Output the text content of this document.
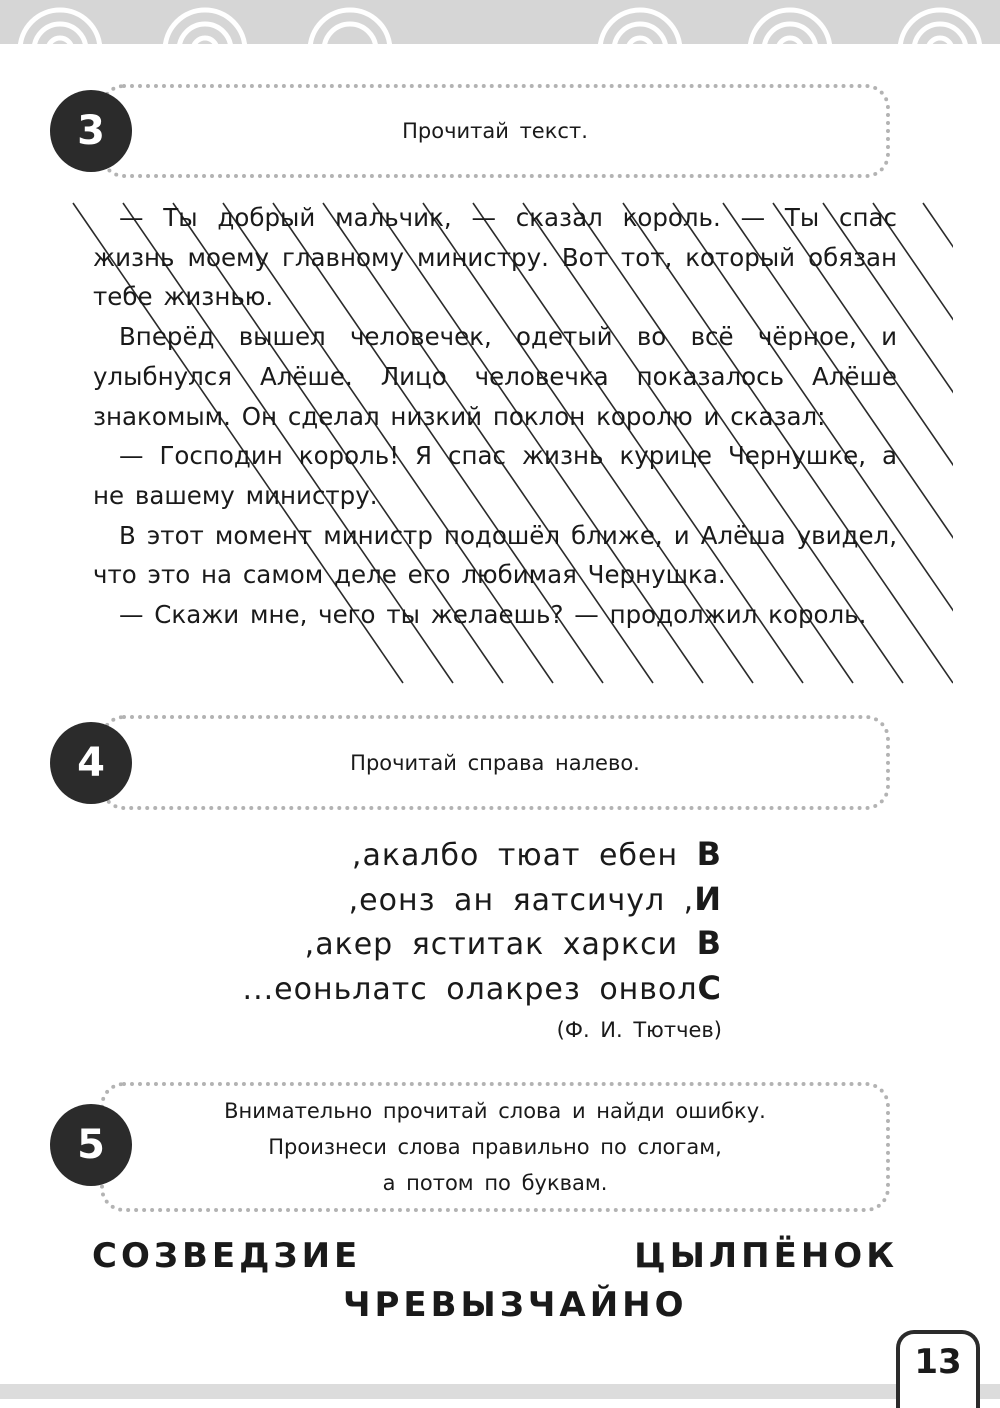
Прочитай текст.
3

— Ты добрый мальчик, — сказал король. — Ты спас жизнь моему главному министру. Вот тот, который обязан тебе жизнью.

Вперёд вышел человечек, одетый во всё чёрное, и улыбнулся Алёше. Лицо человечка показалось Алёше знакомым. Он сделал низкий поклон королю и сказал:

— Господин король! Я спас жизнь курице Чернушке, а не вашему министру.

В этот момент министр подошёл ближе, и Алёша увидел, что это на самом деле его любимая Чернушка.

— Скажи мне, чего ты желаешь? — продолжил король.

Прочитай справа налево.
4
,акалбо тюат ебен В
,еонз ан яатсичул ,И
,акер яститак харкси В
...еоньлатс олакрез онволС
(Ф. И. Тютчев)
Внимательно прочитай слова и найди ошибку.
Произнеси слова правильно по слогам,
а потом по буквам.
5
СОЗВЕДЗИЕ	ЦЫЛПЁНОК
ЧРЕВЫЗЧАЙНО
13
